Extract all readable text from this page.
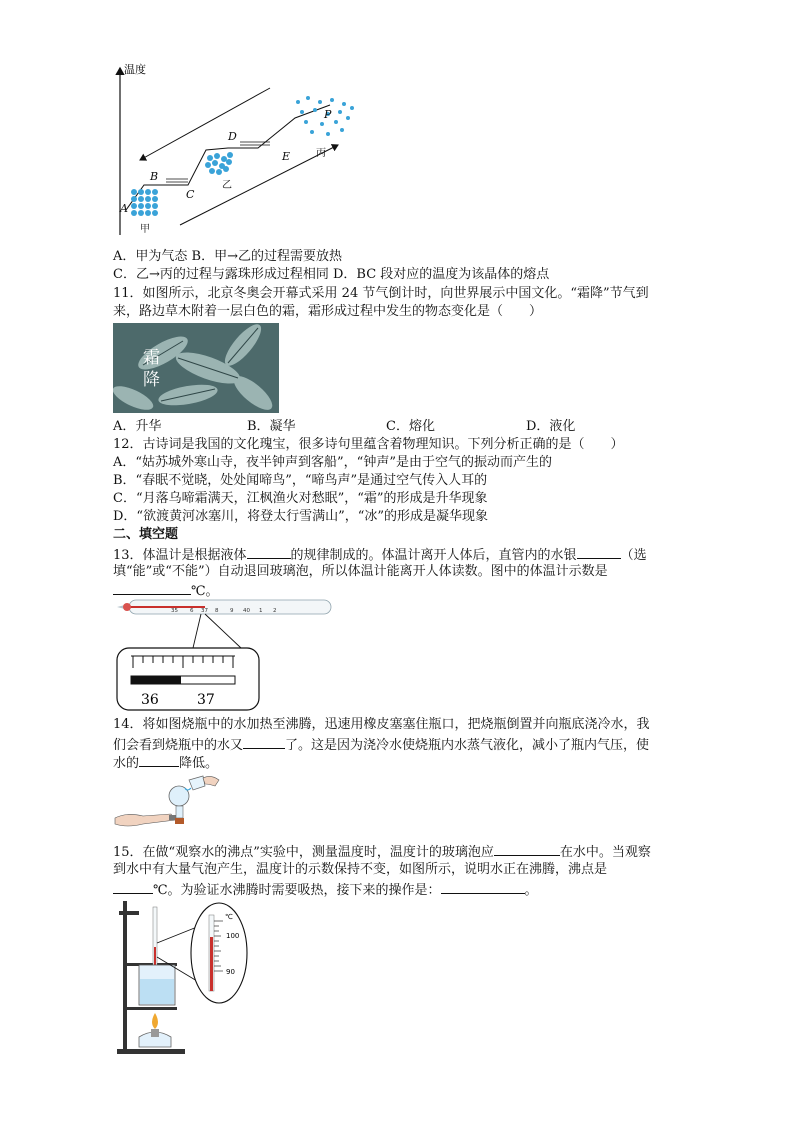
温度
A
B
C
D
E
P
甲
乙
丙
A．甲为气态 B．甲→乙的过程需要放热
C．乙→丙的过程与露珠形成过程相同 D．BC 段对应的温度为该晶体的熔点
11．如图所示，北京冬奥会开幕式采用 24 节气倒计时，向世界展示中国文化。“霜降”节气到
来，路边草木附着一层白色的霜，霜形成过程中发生的物态变化是（　　）
霜
降
A．升华	B．凝华	C．熔化	D．液化
12．古诗词是我国的文化瑰宝，很多诗句里蕴含着物理知识。下列分析正确的是（　　）
A．“姑苏城外寒山寺，夜半钟声到客船”，“钟声”是由于空气的振动而产生的
B．“春眠不觉晓，处处闻啼鸟”，“啼鸟声”是通过空气传入人耳的
C．“月落乌啼霜满天，江枫渔火对愁眠”，“霜”的形成是升华现象
D．“欲渡黄河冰塞川，将登太行雪满山”，“冰”的形成是凝华现象
二、填空题
13．体温计是根据液体	的规律制成的。体温计离开人体后，直管内的水银	（选
填“能”或“不能”）自动退回玻璃泡，所以体温计能离开人体读数。图中的体温计示数是
℃。
35 6 37 8 9 40 1 2
36	37
14．将如图烧瓶中的水加热至沸腾，迅速用橡皮塞塞住瓶口，把烧瓶倒置并向瓶底浇冷水，我
们会看到烧瓶中的水又	了。这是因为浇冷水使烧瓶内水蒸气液化，减小了瓶内气压，使
水的	降低。
15．在做“观察水的沸点”实验中，测量温度时，温度计的玻璃泡应	在水中。当观察
到水中有大量气泡产生，温度计的示数保持不变，如图所示，说明水正在沸腾，沸点是
℃。为验证水沸腾时需要吸热，接下来的操作是：	。
℃
100
90
